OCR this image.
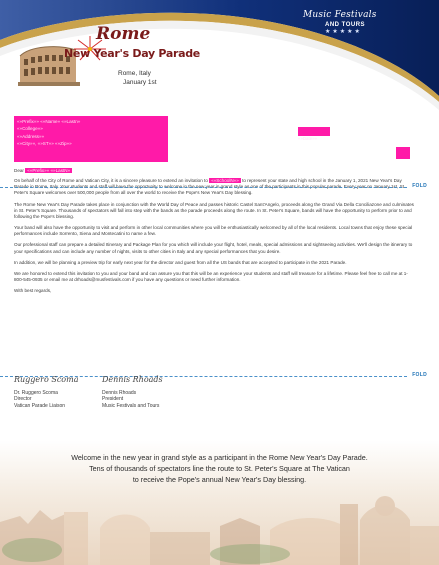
Music Festivals
AND TOURS
★★★★★
Rome
New Year's Day Parade
Rome, Italy
January 1st
«»Prefix»» «»Name» «»Lastn»
«»College»»
«»Address»»
«»City»», «»ST»» «»Zip»»
«»Date»»

Dear «»Prefix»» «»LastN»

On behalf of the City of Rome and Vatican City, it is a sincere pleasure to extend an invitation to «»SchoolN»» to represent your state and high school in the January 1, 2021 New Year's Day Parade in Rome, Italy. Your students and staff will have the opportunity to welcome in the new year in grand style as one of the participants in this popular parade. Every year on January 1st, St. Peter's Square welcomes over 500,000 people from all over the world to receive the Pope's New Year's Day blessing.

The Rome New Year's Day Parade takes place in conjunction with the World Day of Peace and passes historic Castel Sant'Angelo, proceeds along the Grand Via Della Conciliazone and culminates in St. Peter's Square. Thousands of spectators will fall into step with the bands as the parade proceeds along the route. In St. Peter's Square, bands will have the opportunity to perform prior to and following the Pope's blessing.

Your band will also have the opportunity to visit and perform in other local communities where you will be enthusiastically welcomed by all of the local residents. Local towns that enjoy these special performances include Sorrento, Siena and Montecatini to name a few.

Our professional staff can prepare a detailed Itinerary and Package Plan for you which will include your flight, hotel, meals, special admissions and sightseeing activities. We'll design the itinerary to your specifications and can include any number of nights, visits to other cities in Italy and any special performances that you desire.

In addition, we will be planning a preview trip for early next year for the director and guest from all the US bands that are accepted to participate in the 2021 Parade.

We are honored to extend this invitation to you and your band and can assure you that this will be an experience your students and staff will treasure for a lifetime. Please feel free to call me at 1-800-545-0935 or email me at drhoads@musfestivals.com if you have any questions or need further information.

With best regards,

FOLD
FOLD
Ruggero Scoma
Dr. Ruggero Scoma
Director
Vatican Parade Liaison
Dennis Rhoads
Dennis Rhoads
President
Music Festivals and Tours
Welcome in the new year in grand style as a participant in the Rome New Year's Day Parade.
Tens of thousands of spectators line the route to St. Peter's Square at The Vatican
to receive the Pope's annual New Year's Day blessing.
